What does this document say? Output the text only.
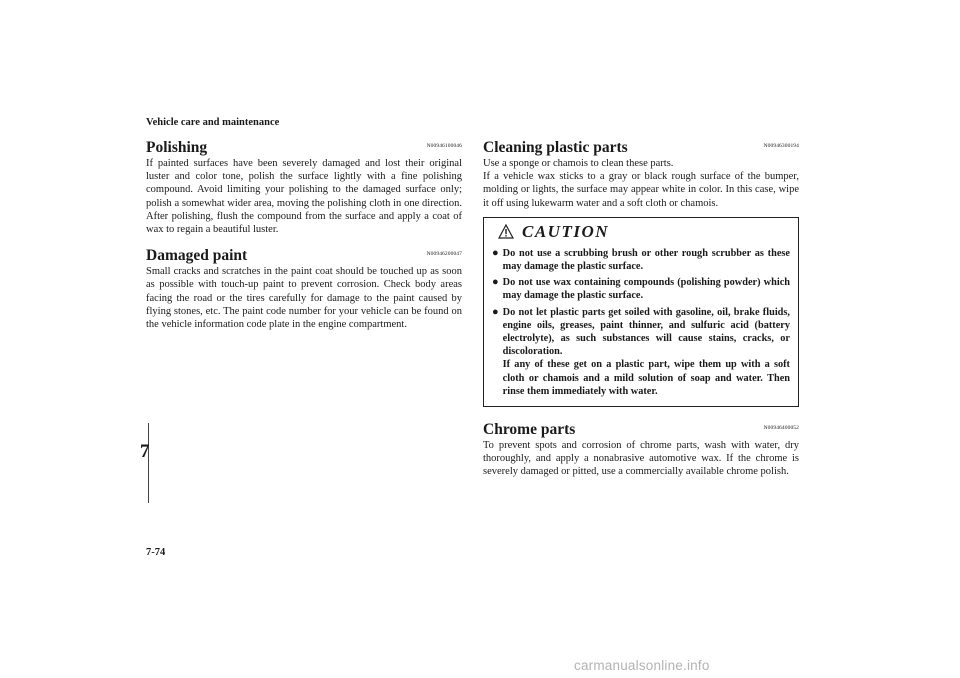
Vehicle care and maintenance
7
7-74
Polishing	N00946100046

If painted surfaces have been severely damaged and lost their original luster and color tone, polish the surface lightly with a fine polishing compound. Avoid limiting your polishing to the damaged surface only; polish a somewhat wider area, moving the polishing cloth in one direction. After polishing, flush the compound from the surface and apply a coat of wax to regain a beautiful luster.

Damaged paint	N00946200047

Small cracks and scratches in the paint coat should be touched up as soon as possible with touch-up paint to prevent corrosion. Check body areas facing the road or the tires carefully for damage to the paint caused by flying stones, etc. The paint code number for your vehicle can be found on the vehicle information code plate in the engine compartment.

Cleaning plastic parts	N00946300194

Use a sponge or chamois to clean these parts.

If a vehicle wax sticks to a gray or black rough surface of the bumper, molding or lights, the surface may appear white in color. In this case, wipe it off using lukewarm water and a soft cloth or chamois.

CAUTION
● Do not use a scrubbing brush or other rough scrubber as these may damage the plastic surface.
● Do not use wax containing compounds (polishing powder) which may damage the plastic surface.
● Do not let plastic parts get soiled with gasoline, oil, brake fluids, engine oils, greases, paint thinner, and sulfuric acid (battery electrolyte), as such substances will cause stains, cracks, or discoloration.
If any of these get on a plastic part, wipe them up with a soft cloth or chamois and a mild solution of soap and water. Then rinse them immediately with water.
Chrome parts	N00946400052

To prevent spots and corrosion of chrome parts, wash with water, dry thoroughly, and apply a nonabrasive automotive wax. If the chrome is severely damaged or pitted, use a commercially available chrome polish.

carmanualsonline.info
